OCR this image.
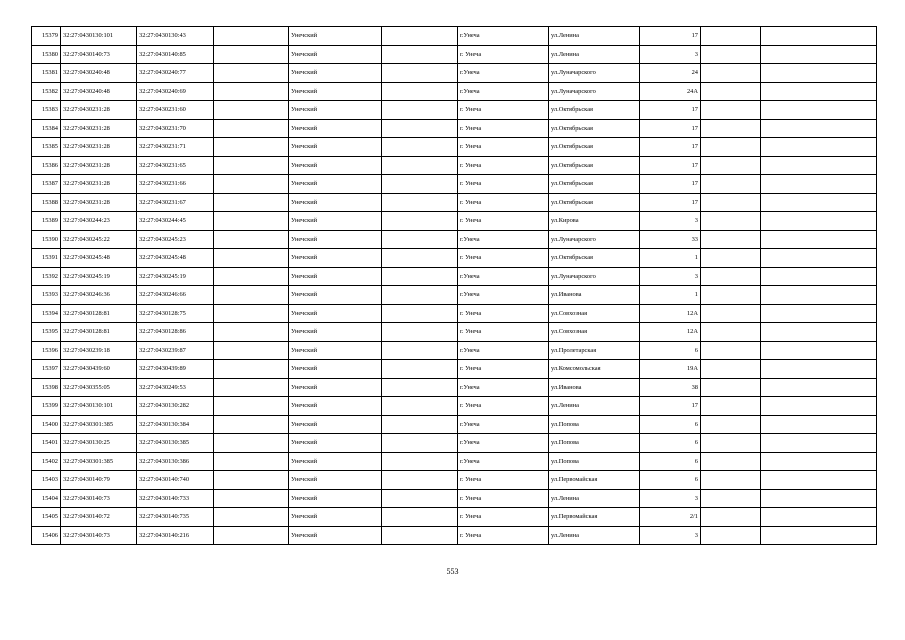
15379	32:27:0430130:101	32:27:0430130:43		Унечский		г.Унеча	ул.Ленина	17		
15380	32:27:0430140:73	32:27:0430140:85		Унечский		г. Унеча	ул.Ленина	3		
15381	32:27:0430240:48	32:27:0430240:77		Унечский		г.Унеча	ул.Луначарского	24		
15382	32:27:0430240:48	32:27:0430240:69		Унечский		г.Унеча	ул.Луначарского	24А		
15383	32:27:0430231:28	32:27:0430231:60		Унечский		г. Унеча	ул.Октябрьская	17		
15384	32:27:0430231:28	32:27:0430231:70		Унечский		г. Унеча	ул.Октябрьская	17		
15385	32:27:0430231:28	32:27:0430231:71		Унечский		г. Унеча	ул.Октябрьская	17		
15386	32:27:0430231:28	32:27:0430231:65		Унечский		г. Унеча	ул.Октябрьская	17		
15387	32:27:0430231:28	32:27:0430231:66		Унечский		г. Унеча	ул.Октябрьская	17		
15388	32:27:0430231:28	32:27:0430231:67		Унечский		г. Унеча	ул.Октябрьская	17		
15389	32:27:0430244:23	32:27:0430244:45		Унечский		г. Унеча	ул.Кирова	3		
15390	32:27:0430245:22	32:27:0430245:23		Унечский		г.Унеча	ул.Луначарского	33		
15391	32:27:0430245:48	32:27:0430245:48		Унечский		г. Унеча	ул.Октябрьская	1		
15392	32:27:0430245:19	32:27:0430245:19		Унечский		г.Унеча	ул.Луначарского	3		
15393	32:27:0430246:36	32:27:0430246:66		Унечский		г.Унеча	ул.Иванова	1		
15394	32:27:0430128:81	32:27:0430128:75		Унечский		г. Унеча	ул.Совхозная	12А		
15395	32:27:0430128:81	32:27:0430128:86		Унечский		г. Унеча	ул.Совхозная	12А		
15396	32:27:0430239:18	32:27:0430239:87		Унечский		г.Унеча	ул.Пролетарская	6		
15397	32:27:0430439:60	32:27:0430439:89		Унечский		г. Унеча	ул.Комсомольская	19А		
15398	32:27:0430355:05	32:27:0430249:53		Унечский		г.Унеча	ул.Иванова	38		
15399	32:27:0430130:101	32:27:0430130:282		Унечский		г. Унеча	ул.Ленина	17		
15400	32:27:0430301:385	32:27:0430130:384		Унечский		г.Унеча	ул.Попова	6		
15401	32:27:0430130:25	32:27:0430130:385		Унечский		г.Унеча	ул.Попова	6		
15402	32:27:0430301:385	32:27:0430130:386		Унечский		г.Унеча	ул.Попова	6		
15403	32:27:0430140:79	32:27:0430140:740		Унечский		г. Унеча	ул.Первомайская	6		
15404	32:27:0430140:73	32:27:0430140:733		Унечский		г. Унеча	ул.Ленина	3		
15405	32:27:0430140:72	32:27:0430140:735		Унечский		г. Унеча	ул.Первомайская	2/1		
15406	32:27:0430140:73	32:27:0430140:216		Унечский		г. Унеча	ул.Ленина	3		
553
